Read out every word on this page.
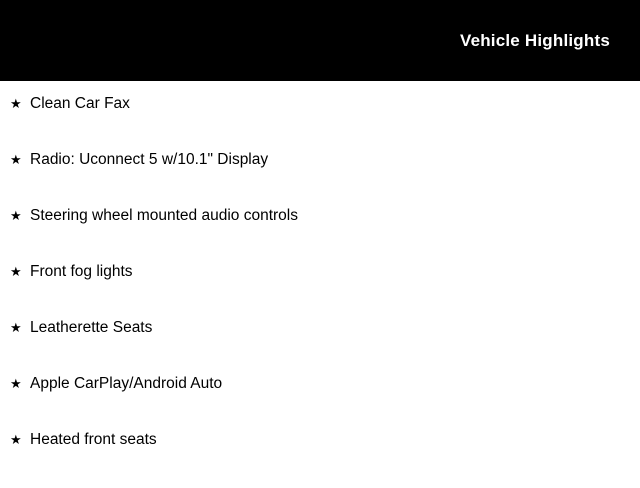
Vehicle Highlights
★ Clean Car Fax
★ Radio: Uconnect 5 w/10.1" Display
★ Steering wheel mounted audio controls
★ Front fog lights
★ Leatherette Seats
★ Apple CarPlay/Android Auto
★ Heated front seats
